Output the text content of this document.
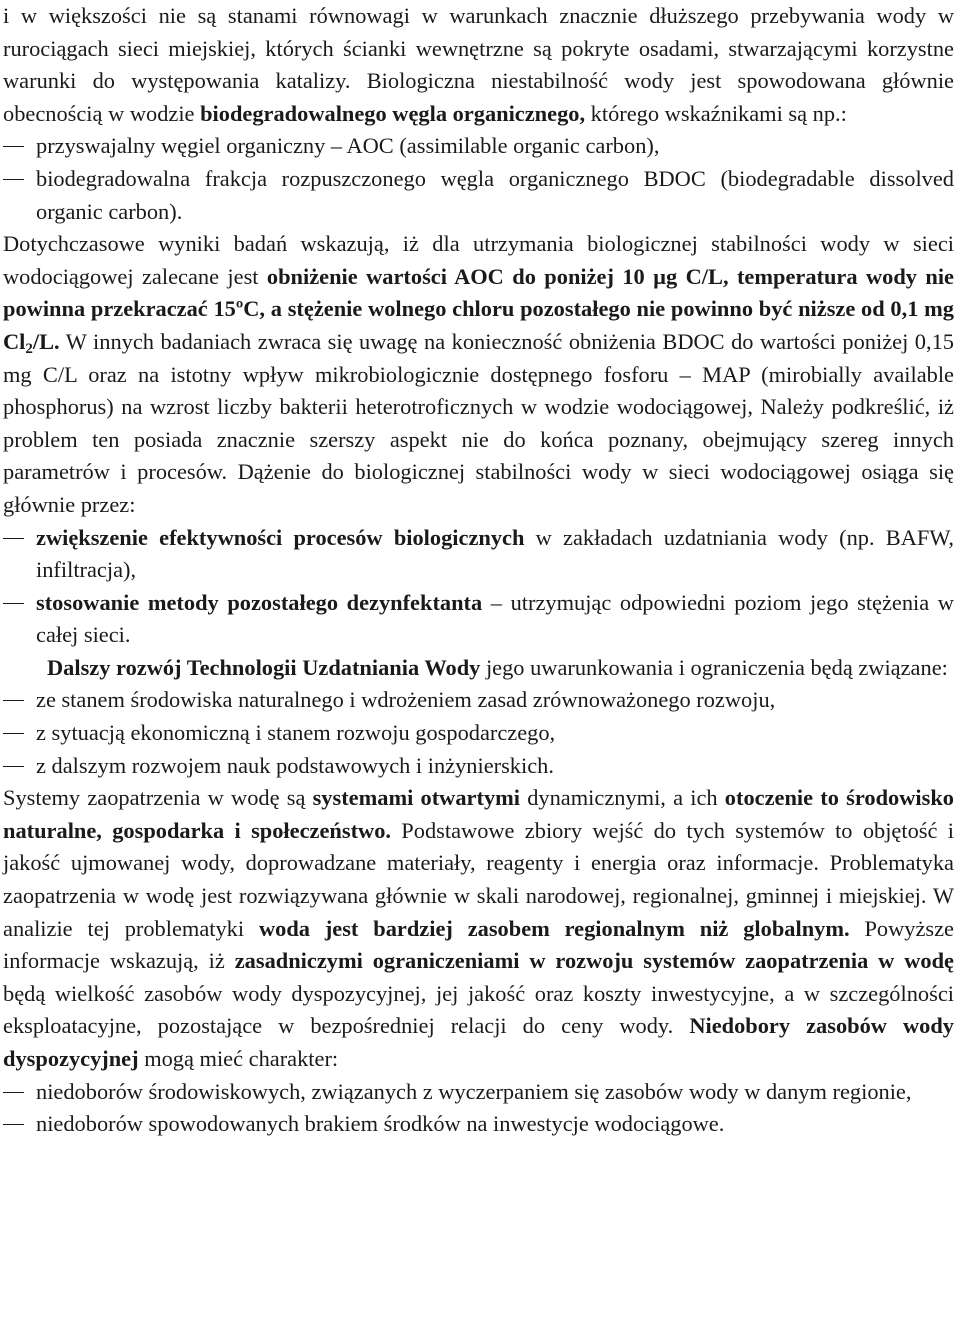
i w większości nie są stanami równowagi w warunkach znacznie dłuższego przebywania wody w rurociągach sieci miejskiej, których ścianki wewnętrzne są pokryte osadami, stwarzającymi korzystne warunki do występowania katalizy. Biologiczna niestabilność wody jest spowodowana głównie obecnością w wodzie biodegradowalnego węgla organicznego, którego wskaźnikami są np.:

przyswajalny węgiel organiczny – AOC (assimilable organic carbon),
biodegradowalna frakcja rozpuszczonego węgla organicznego BDOC (biodegradable dissolved organic carbon).

Dotychczasowe wyniki badań wskazują, iż dla utrzymania biologicznej stabilności wody w sieci wodociągowej zalecane jest obniżenie wartości AOC do poniżej 10 µg C/L, temperatura wody nie powinna przekraczać 15ºC, a stężenie wolnego chloru pozostałego nie powinno być niższe od 0,1 mg $Cl_2/L$. W innych badaniach zwraca się uwagę na konieczność obniżenia BDOC do wartości poniżej 0,15 mg C/L oraz na istotny wpływ mikrobiologicznie dostępnego fosforu – MAP (mirobially available phosphorus) na wzrost liczby bakterii heterotroficznych w wodzie wodociągowej, Należy podkreślić, iż problem ten posiada znacznie szerszy aspekt nie do końca poznany, obejmujący szereg innych parametrów i procesów. Dążenie do biologicznej stabilności wody w sieci wodociągowej osiąga się głównie przez:

zwiększenie efektywności procesów biologicznych w zakładach uzdatniania wody (np. BAFW, infiltracja),
stosowanie metody pozostałego dezynfektanta – utrzymując odpowiedni poziom jego stężenia w całej sieci.

Dalszy rozwój Technologii Uzdatniania Wody jego uwarunkowania i ograniczenia będą związane:

ze stanem środowiska naturalnego i wdrożeniem zasad zrównoważonego rozwoju,
z sytuacją ekonomiczną i stanem rozwoju gospodarczego,
z dalszym rozwojem nauk podstawowych i inżynierskich.

Systemy zaopatrzenia w wodę są systemami otwartymi dynamicznymi, a ich otoczenie to środowisko naturalne, gospodarka i społeczeństwo. Podstawowe zbiory wejść do tych systemów to objętość i jakość ujmowanej wody, doprowadzane materiały, reagenty i energia oraz informacje. Problematyka zaopatrzenia w wodę jest rozwiązywana głównie w skali narodowej, regionalnej, gminnej i miejskiej. W analizie tej problematyki woda jest bardziej zasobem regionalnym niż globalnym. Powyższe informacje wskazują, iż zasadniczymi ograniczeniami w rozwoju systemów zaopatrzenia w wodę będą wielkość zasobów wody dyspozycyjnej, jej jakość oraz koszty inwestycyjne, a w szczególności eksploatacyjne, pozostające w bezpośredniej relacji do ceny wody. Niedobory zasobów wody dyspozycyjnej mogą mieć charakter:

niedoborów środowiskowych, związanych z wyczerpaniem się zasobów wody w danym regionie,
niedoborów spowodowanych brakiem środków na inwestycje wodociągowe.
